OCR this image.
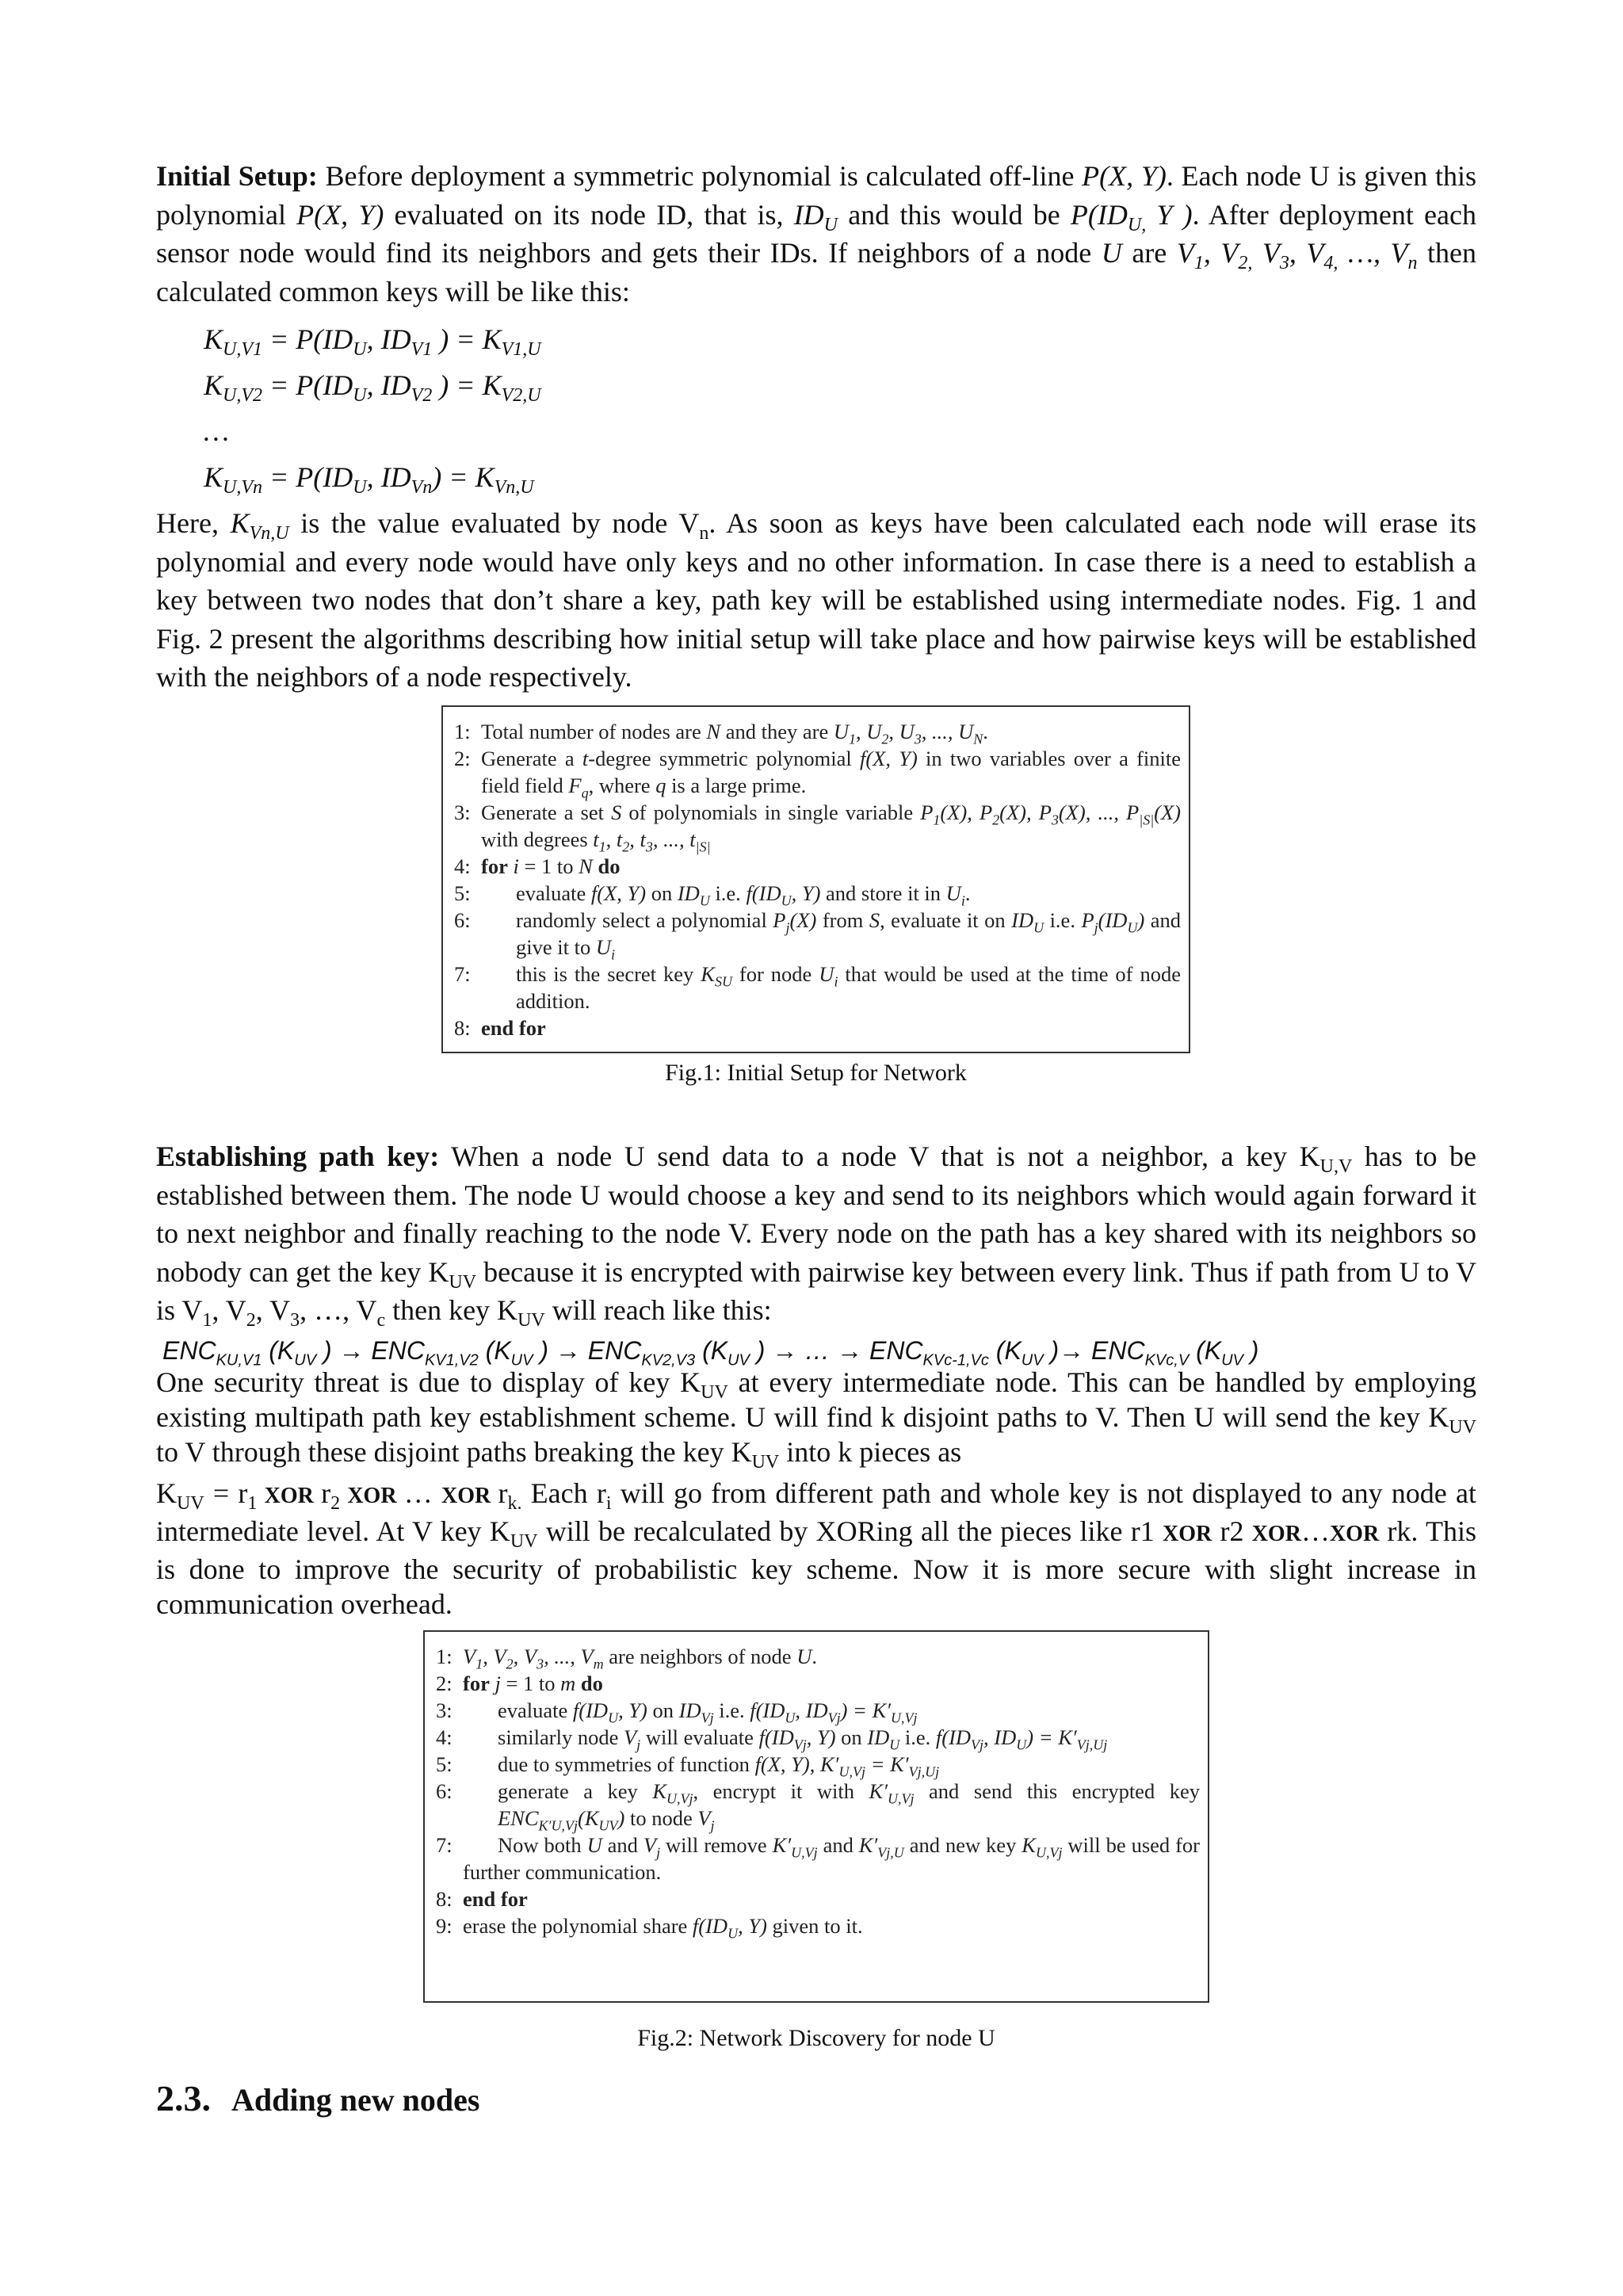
Initial Setup: Before deployment a symmetric polynomial is calculated off-line P(X, Y). Each node U is given this polynomial P(X, Y) evaluated on its node ID, that is, $ID_U$ and this would be $P(ID_{U,}$ Y ). After deployment each sensor node would find its neighbors and gets their IDs. If neighbors of a node U are $V_1$, $V_{2,}$ $V_3$, $V_{4,}$ …, $V_n$ then calculated common keys will be like this:

$K_{U,V1} = P(ID_U$, $ID_{V1}$ ) = $K_{V1,U}$

$K_{U,V2} = P(ID_U$, $ID_{V2}$ ) = $K_{V2,U}$

…

$K_{U,Vn} = P(ID_U$, $ID_{Vn}) = K_{Vn,U}$

Here, $K_{Vn,U}$ is the value evaluated by node $V_n$. As soon as keys have been calculated each node will erase its polynomial and every node would have only keys and no other information. In case there is a need to establish a key between two nodes that don’t share a key, path key will be established using intermediate nodes. Fig. 1 and Fig. 2 present the algorithms describing how initial setup will take place and how pairwise keys will be established with the neighbors of a node respectively.

1: Total number of nodes are N and they are $U_1$, $U_2$, $U_3$, ..., $U_N$.
2: Generate a t-degree symmetric polynomial f(X, Y) in two variables over a finite field field $F_q$, where q is a large prime.
3: Generate a set S of polynomials in single variable $P_1(X)$, $P_2(X)$, $P_3(X)$, ..., $P_{|S|}(X)$ with degrees $t_1$, $t_2$, $t_3$, ..., $t_{|S|}$
4: for i = 1 to N do
5: evaluate f(X, Y) on $ID_U$ i.e. $f(ID_U$, Y) and store it in $U_i$.
6: randomly select a polynomial $P_j(X)$ from S, evaluate it on $ID_U$ i.e. $P_j(ID_U)$ and give it to $U_i$
7: this is the secret key $K_{SU}$ for node $U_i$ that would be used at the time of node addition.
8: end for
Fig.1: Initial Setup for Network

Establishing path key: When a node U send data to a node V that is not a neighbor, a key $K_{U,V}$ has to be established between them. The node U would choose a key and send to its neighbors which would again forward it to next neighbor and finally reaching to the node V. Every node on the path has a key shared with its neighbors so nobody can get the key $K_{UV}$ because it is encrypted with pairwise key between every link. Thus if path from U to V is $V_1$, $V_2$, $V_3$, …, $V_c$ then key $K_{UV}$ will reach like this:

$ENC_{KU,V1}$ ($K_{UV}$ ) → $ENC_{KV1,V2}$ ($K_{UV}$ ) → $ENC_{KV2,V3}$ ($K_{UV}$ ) → … → $ENC_{KVc-1,Vc}$ ($K_{UV}$ )→ $ENC_{KVc,V}$ ($K_{UV}$ )

One security threat is due to display of key $K_{UV}$ at every intermediate node. This can be handled by employing existing multipath path key establishment scheme. U will find k disjoint paths to V. Then U will send the key $K_{UV}$ to V through these disjoint paths breaking the key $K_{UV}$ into k pieces as

$K_{UV} = r_1$ XOR $r_2$ XOR … XOR $r_{k.}$ Each $r_i$ will go from different path and whole key is not displayed to any node at intermediate level. At V key $K_{UV}$ will be recalculated by XORing all the pieces like r1 XOR r2 XOR…XOR rk. This is done to improve the security of probabilistic key scheme. Now it is more secure with slight increase in communication overhead.

1: $V_1$, $V_2$, $V_3$, ..., $V_m$ are neighbors of node U.
2: for j = 1 to m do
3: evaluate $f(ID_U$, Y) on $ID_{Vj}$ i.e. $f(ID_U$, $ID_{Vj}) = K'_{U,Vj}$
4: similarly node $V_j$ will evaluate $f(ID_{Vj}$, Y) on $ID_U$ i.e. $f(ID_{Vj}$, $ID_U) = K'_{Vj,Uj}$
5: due to symmetries of function f(X, Y), $K'_{U,Vj} = K'_{Vj,Uj}$
6: generate a key $K_{U,Vj}$, encrypt it with $K'_{U,Vj}$ and send this encrypted key $ENC_{K'U,Vj}(K_{UV})$ to node $V_j$
7: Now both U and $V_j$ will remove $K'_{U,Vj}$ and $K'_{Vj,U}$ and new key $K_{U,Vj}$ will be used for further communication.
8: end for
9: erase the polynomial share $f(ID_U$, Y) given to it.
Fig.2: Network Discovery for node U
2.3. Adding new nodes
